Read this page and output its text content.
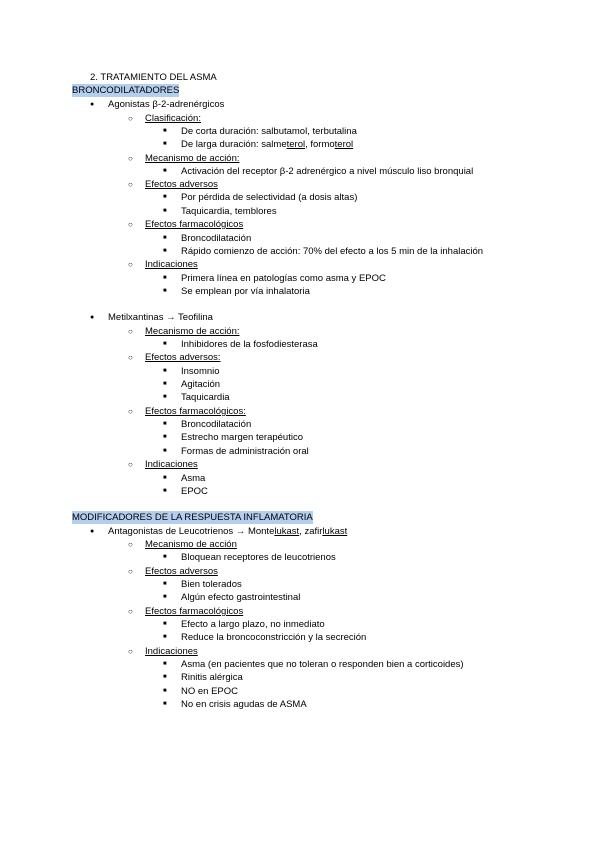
2. TRATAMIENTO DEL ASMA
BRONCODILATADORES
● Agonistas β-2-adrenérgicos
○ Clasificación:
■ De corta duración: salbutamol, terbutalina
■ De larga duración: salmeterol, formoterol
○ Mecanismo de acción:
■ Activación del receptor β-2 adrenérgico a nivel músculo liso bronquial
○ Efectos adversos
■ Por pérdida de selectividad (a dosis altas)
■ Taquicardia, temblores
○ Efectos farmacológicos
■ Broncodilatación
■ Rápido comienzo de acción: 70% del efecto a los 5 min de la inhalación
○ Indicaciones
■ Primera línea en patologías como asma y EPOC
■ Se emplean por vía inhalatoria
● Metilxantinas → Teofilina
○ Mecanismo de acción:
■ Inhibidores de la fosfodiesterasa
○ Efectos adversos:
■ Insomnio
■ Agitación
■ Taquicardia
○ Efectos farmacológicos:
■ Broncodilatación
■ Estrecho margen terapéutico
■ Formas de administración oral
○ Indicaciones
■ Asma
■ EPOC
MODIFICADORES DE LA RESPUESTA INFLAMATORIA
● Antagonistas de Leucotrienos → Montelukast, zafirlukast
○ Mecanismo de acción
■ Bloquean receptores de leucotrienos
○ Efectos adversos
■ Bien tolerados
■ Algún efecto gastrointestinal
○ Efectos farmacológicos
■ Efecto a largo plazo, no inmediato
■ Reduce la broncoconstricción y la secreción
○ Indicaciones
■ Asma (en pacientes que no toleran o responden bien a corticoides)
■ Rinitis alérgica
■ NO en EPOC
■ No en crisis agudas de ASMA
